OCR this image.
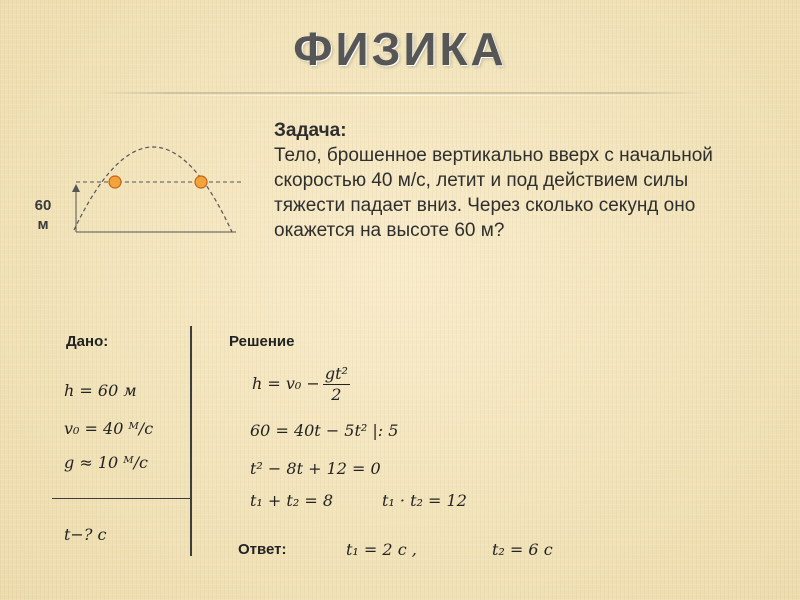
ФИЗИКА
60 м
Задача:
Тело, брошенное вертикально вверх с начальной скоростью 40 м/с, летит и под действием силы тяжести падает вниз. Через сколько секунд оно окажется на высоте 60 м?
Дано:	Решение
h = 60 м
v₀ = 40 ᴹ/c
g ≈ 10 ᴹ/c
t−? c
$h = v_0 - \frac{\text{gt²}}{2}$
60 = 40t − 5t² |: 5
t² − 8t + 12 = 0
t₁ + t₂ = 8	t₁ · t₂ = 12
Ответ:	t₁ = 2 c ,	t₂ = 6 c
